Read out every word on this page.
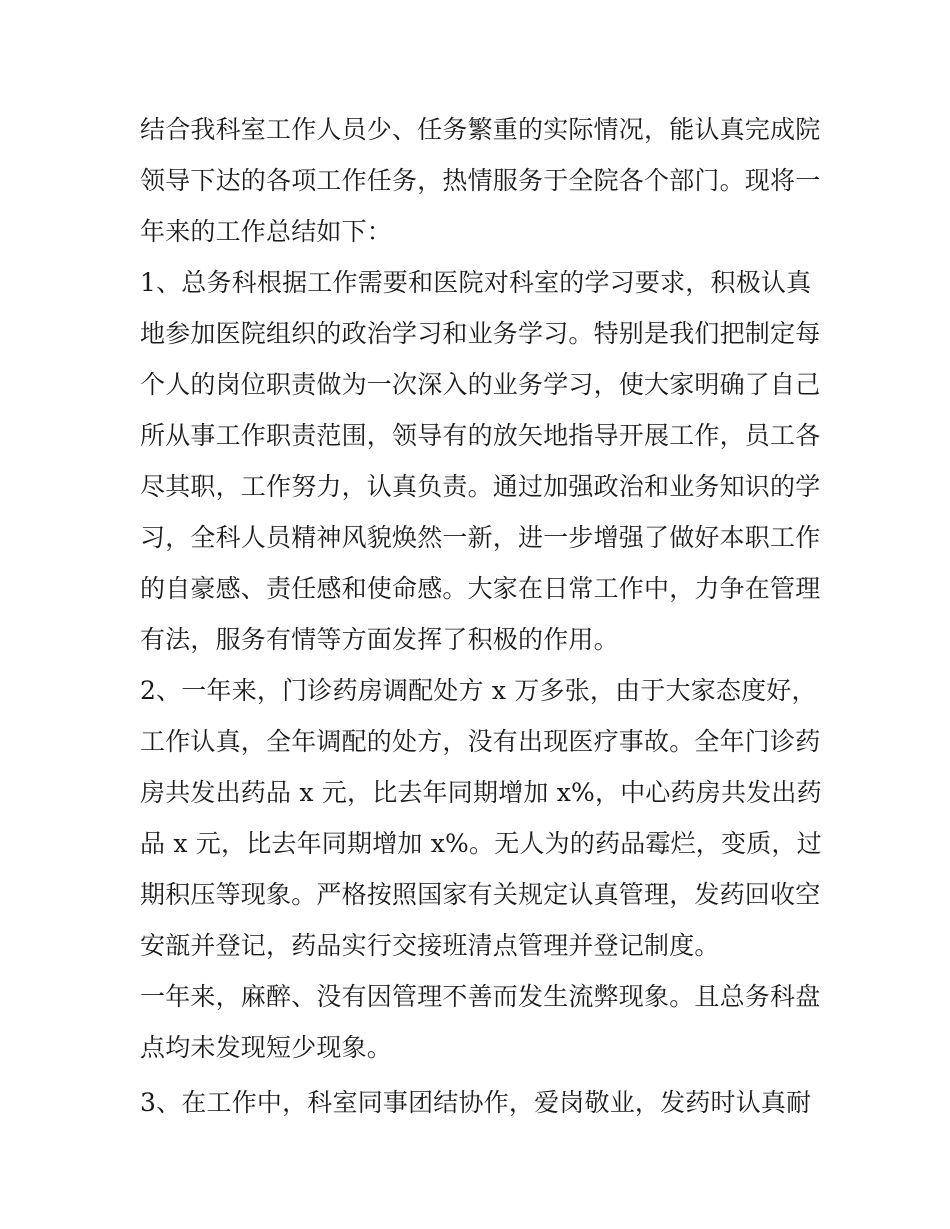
结合我科室工作人员少、任务繁重的实际情况，能认真完成院
领导下达的各项工作任务，热情服务于全院各个部门。现将一
年来的工作总结如下：
1、总务科根据工作需要和医院对科室的学习要求，积极认真
地参加医院组织的政治学习和业务学习。特别是我们把制定每
个人的岗位职责做为一次深入的业务学习，使大家明确了自己
所从事工作职责范围，领导有的放矢地指导开展工作，员工各
尽其职，工作努力，认真负责。通过加强政治和业务知识的学
习，全科人员精神风貌焕然一新，进一步增强了做好本职工作
的自豪感、责任感和使命感。大家在日常工作中，力争在管理
有法，服务有情等方面发挥了积极的作用。
2、一年来，门诊药房调配处方 x 万多张，由于大家态度好，
工作认真，全年调配的处方，没有出现医疗事故。全年门诊药
房共发出药品 x 元，比去年同期增加 x%，中心药房共发出药
品 x 元，比去年同期增加 x%。无人为的药品霉烂，变质，过
期积压等现象。严格按照国家有关规定认真管理，发药回收空
安瓿并登记，药品实行交接班清点管理并登记制度。
一年来，麻醉、没有因管理不善而发生流弊现象。且总务科盘
点均未发现短少现象。
3、在工作中，科室同事团结协作，爱岗敬业，发药时认真耐
